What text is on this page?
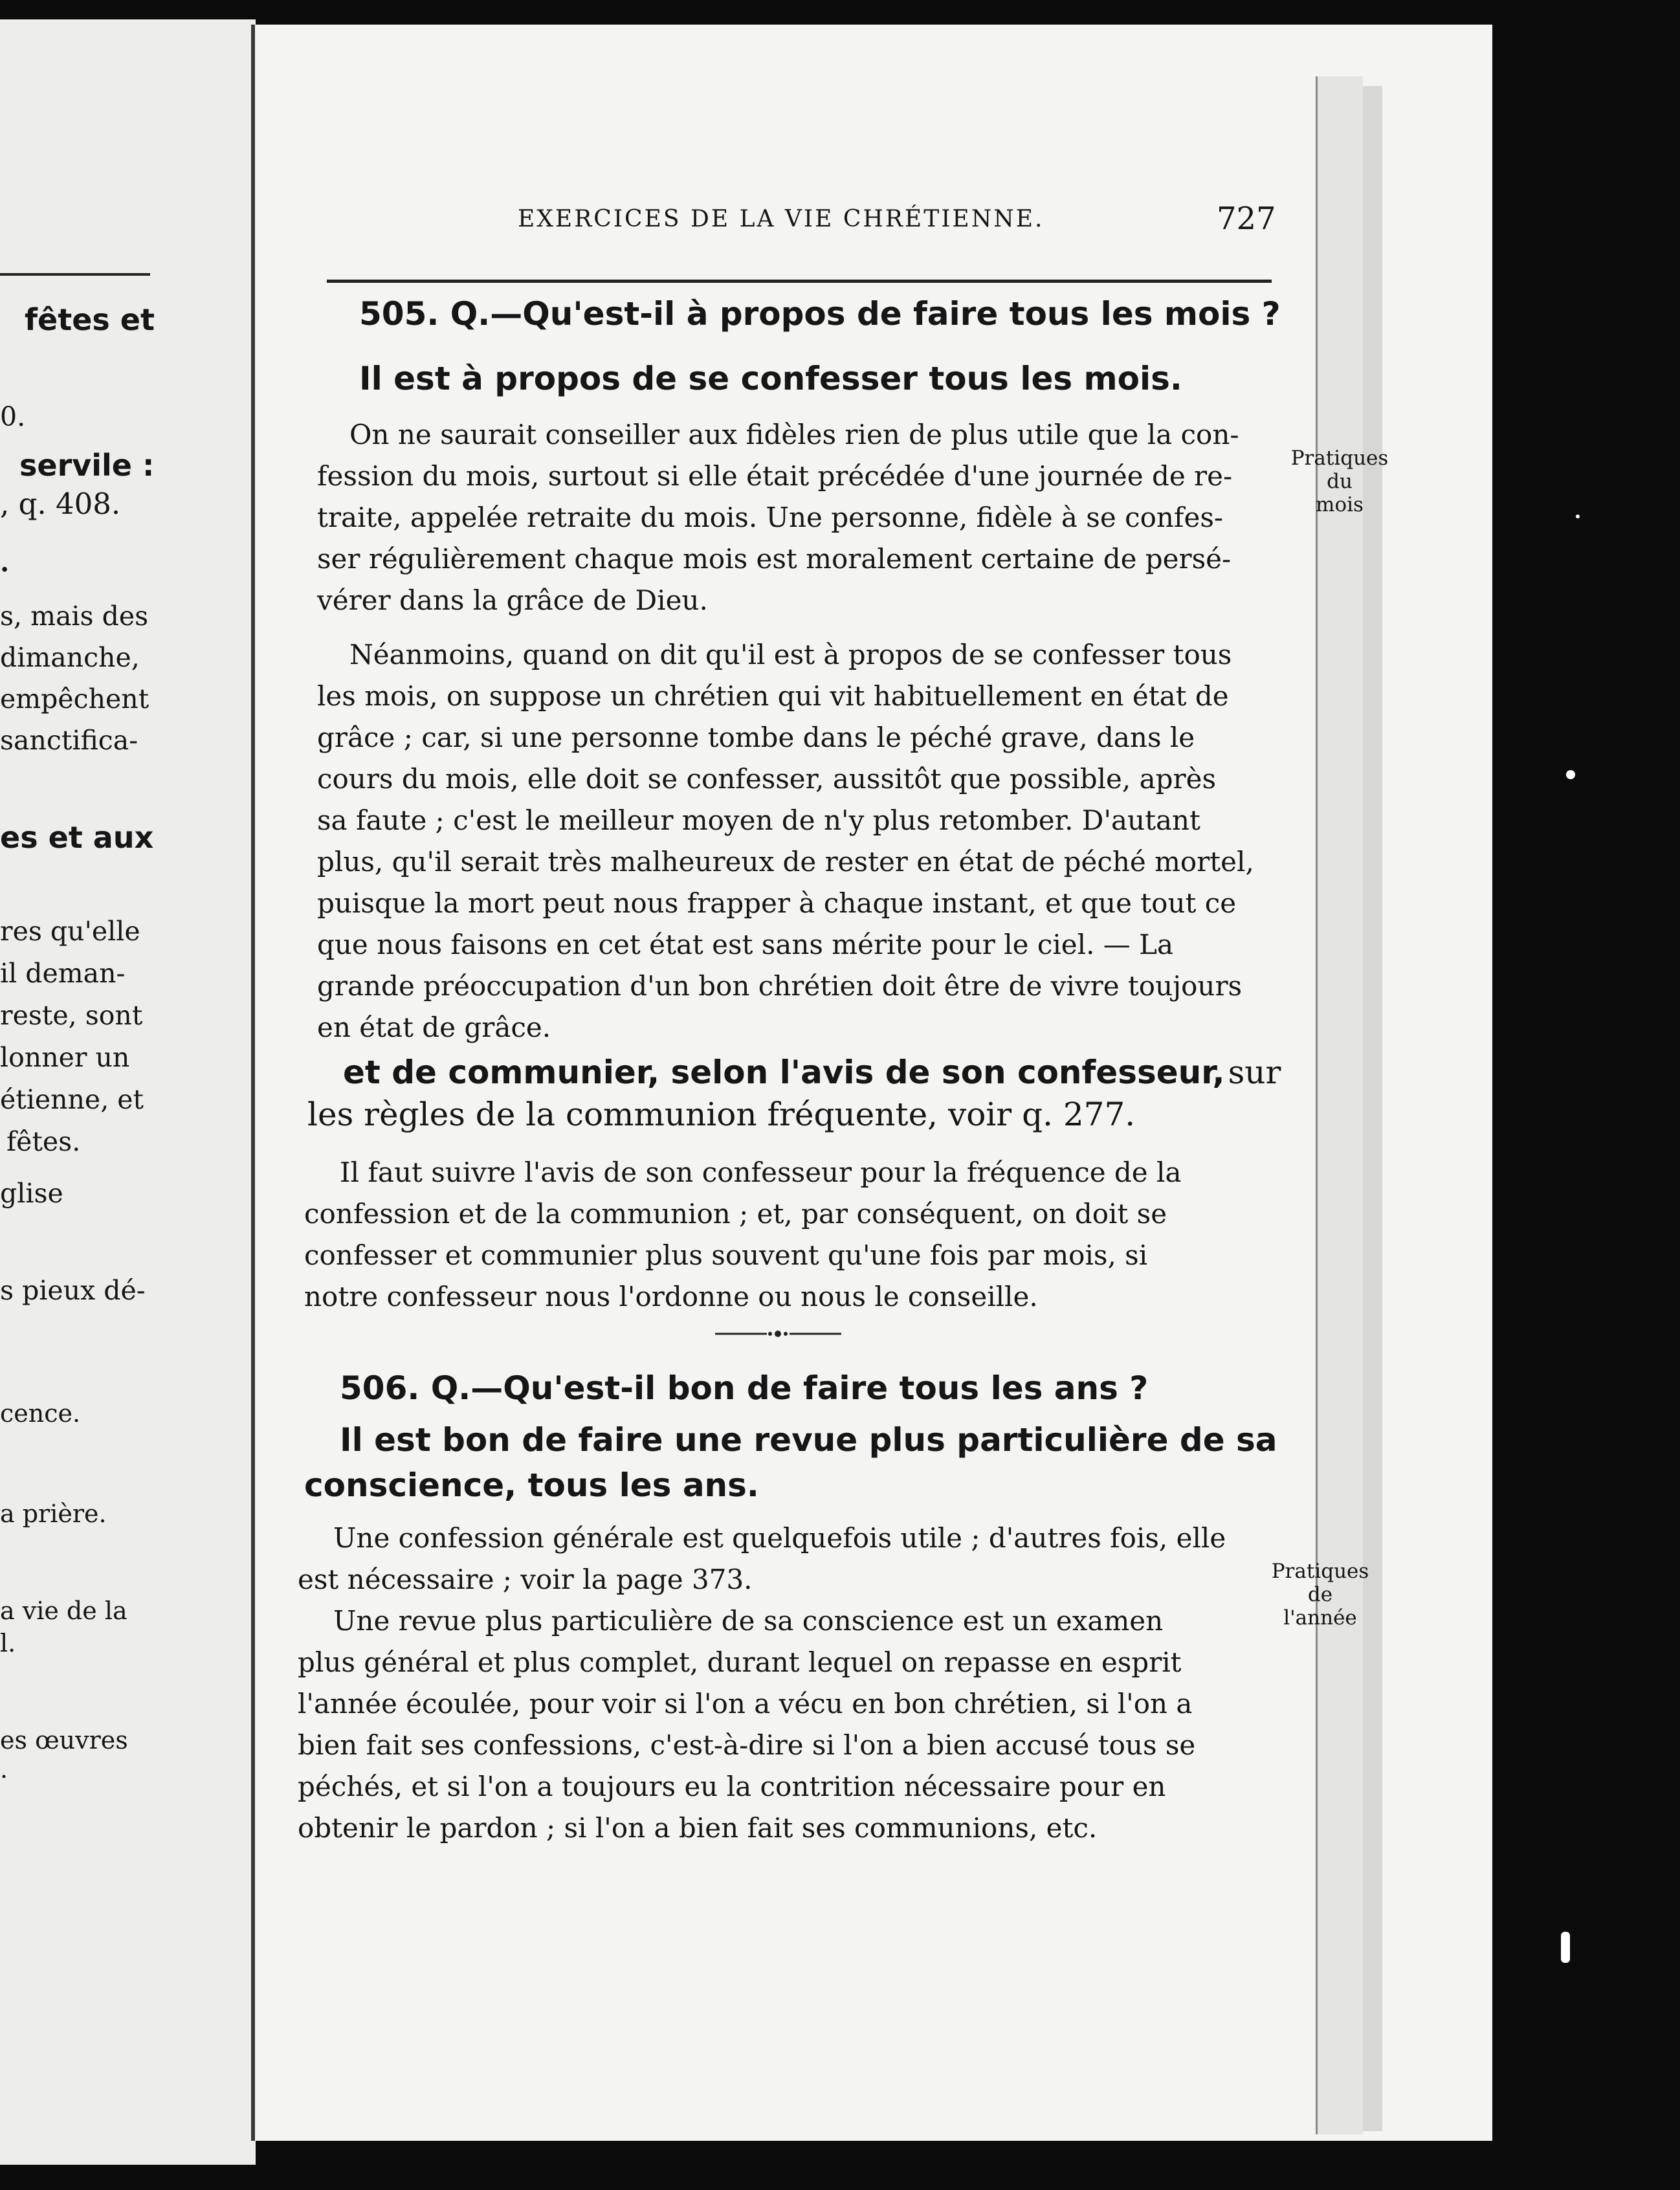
fêtes et
0.
servile :
, q. 408.
.
s, mais des
dimanche,
empêchent
sanctifica-
es et aux
res qu'elle
il deman-
reste, sont
lonner un
étienne, et
fêtes.
glise
s pieux dé-
cence.
a prière.
a vie de la
l.
es œuvres
.
EXERCICES DE LA VIE CHRÉTIENNE.	727
505. Q.—Qu'est-il à propos de faire tous les mois ?
Il est à propos de se confesser tous les mois.
On ne saurait conseiller aux fidèles rien de plus utile que la con-
fession du mois, surtout si elle était précédée d'une journée de re-
traite, appelée retraite du mois. Une personne, fidèle à se confes-
ser régulièrement chaque mois est moralement certaine de persé-
vérer dans la grâce de Dieu.
Néanmoins, quand on dit qu'il est à propos de se confesser tous
les mois, on suppose un chrétien qui vit habituellement en état de
grâce ; car, si une personne tombe dans le péché grave, dans le
cours du mois, elle doit se confesser, aussitôt que possible, après
sa faute ; c'est le meilleur moyen de n'y plus retomber. D'autant
plus, qu'il serait très malheureux de rester en état de péché mortel,
puisque la mort peut nous frapper à chaque instant, et que tout ce
que nous faisons en cet état est sans mérite pour le ciel. — La
grande préoccupation d'un bon chrétien doit être de vivre toujours
en état de grâce.
et de communier, selon l'avis de son confesseur, sur
les règles de la communion fréquente, voir q. 277.
Il faut suivre l'avis de son confesseur pour la fréquence de la
confession et de la communion ; et, par conséquent, on doit se
confesser et communier plus souvent qu'une fois par mois, si
notre confesseur nous l'ordonne ou nous le conseille.
Pratiques
du
mois
506. Q.—Qu'est-il bon de faire tous les ans ?
Il est bon de faire une revue plus particulière de sa
conscience, tous les ans.
Une confession générale est quelquefois utile ; d'autres fois, elle
est nécessaire ; voir la page 373.
Une revue plus particulière de sa conscience est un examen
plus général et plus complet, durant lequel on repasse en esprit
l'année écoulée, pour voir si l'on a vécu en bon chrétien, si l'on a
bien fait ses confessions, c'est-à-dire si l'on a bien accusé tous se
péchés, et si l'on a toujours eu la contrition nécessaire pour en
obtenir le pardon ; si l'on a bien fait ses communions, etc.
Pratiques
de
l'année
